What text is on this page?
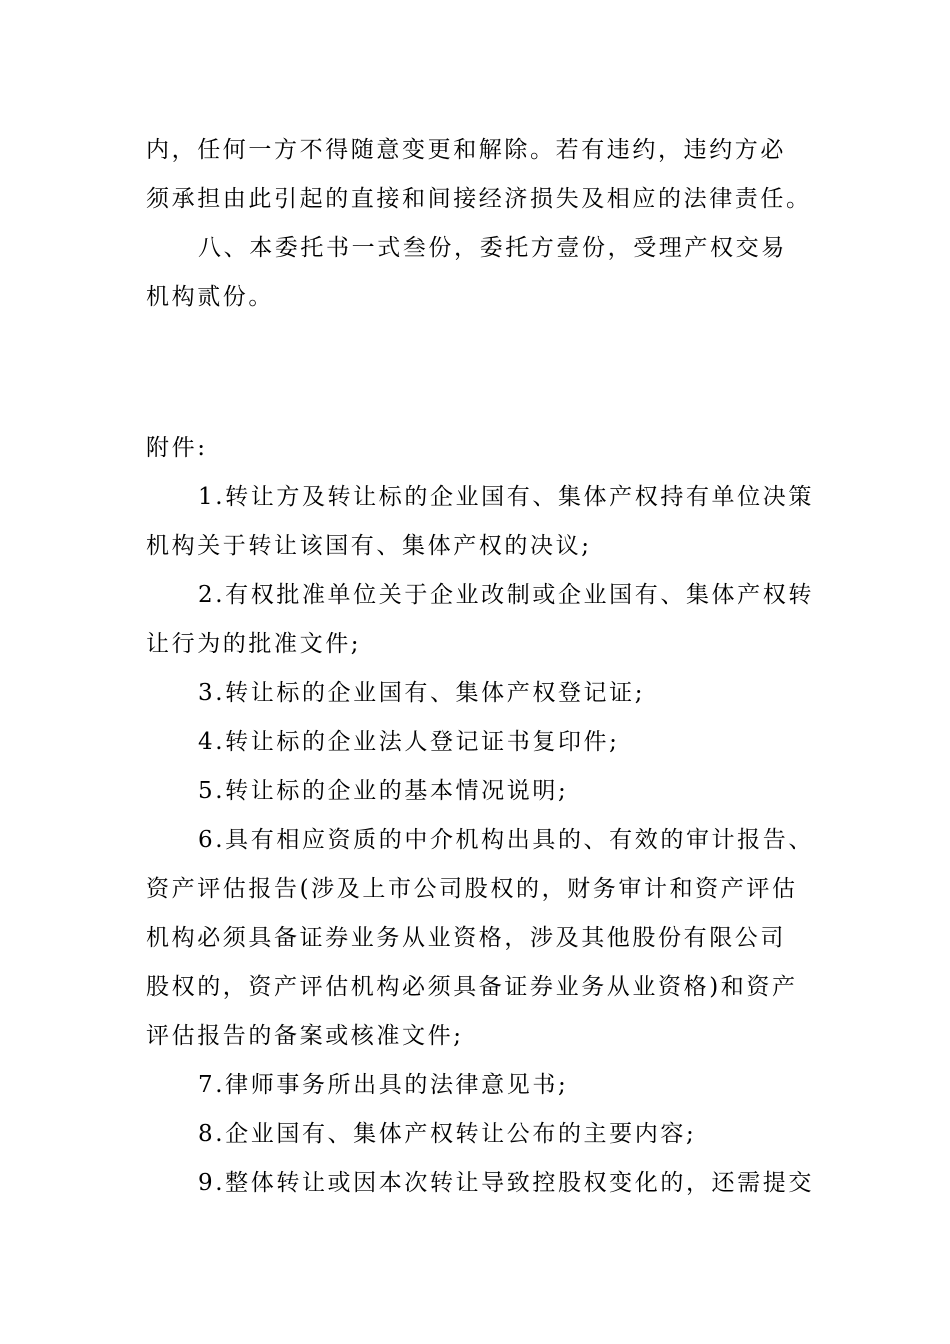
内，任何一方不得随意变更和解除。若有违约，违约方必
须承担由此引起的直接和间接经济损失及相应的法律责任。
八、本委托书一式叁份，委托方壹份，受理产权交易
机构贰份。
附件:
1.转让方及转让标的企业国有、集体产权持有单位决策
机构关于转让该国有、集体产权的决议;
2.有权批准单位关于企业改制或企业国有、集体产权转
让行为的批准文件;
3.转让标的企业国有、集体产权登记证;
4.转让标的企业法人登记证书复印件;
5.转让标的企业的基本情况说明;
6.具有相应资质的中介机构出具的、有效的审计报告、
资产评估报告(涉及上市公司股权的，财务审计和资产评估
机构必须具备证券业务从业资格，涉及其他股份有限公司
股权的，资产评估机构必须具备证券业务从业资格)和资产
评估报告的备案或核准文件;
7.律师事务所出具的法律意见书;
8.企业国有、集体产权转让公布的主要内容;
9.整体转让或因本次转让导致控股权变化的，还需提交
